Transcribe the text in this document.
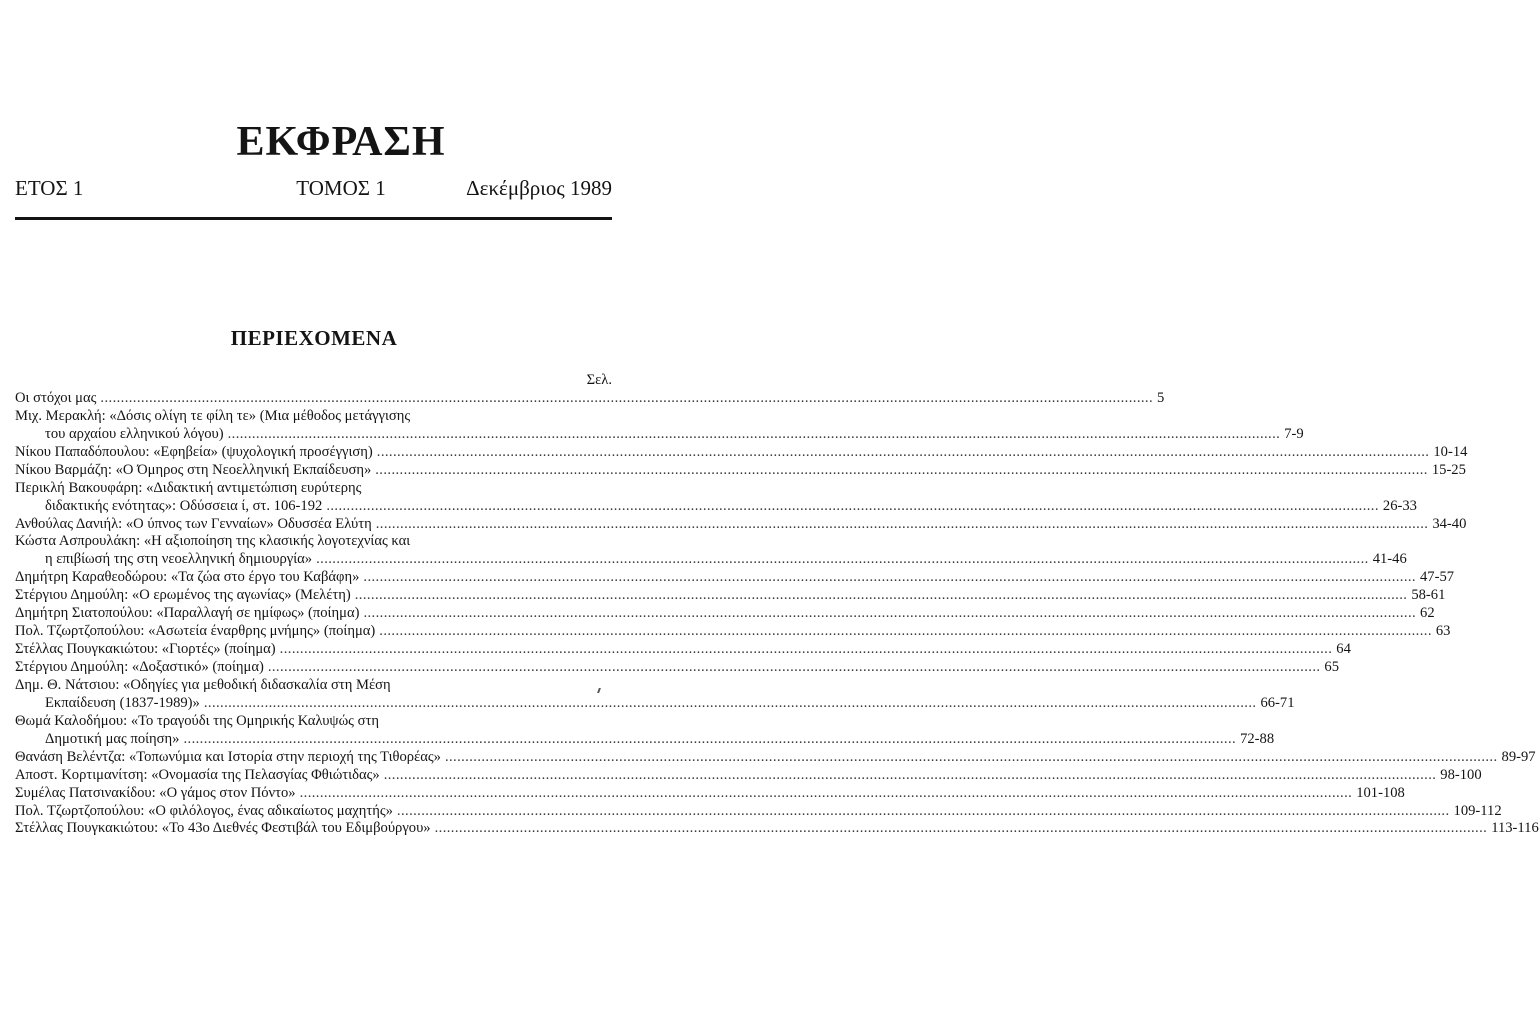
ΕΚΦΡΑΣΗ
ΕΤΟΣ 1	ΤΟΜΟΣ 1	Δεκέμβριος 1989
ΠΕΡΙΕΧΟΜΕΝΑ
Σελ.
Οι στόχοι μας .................................................................................................................................................................................................................................................................... 5
Μιχ. Μερακλή: «Δόσις ολίγη τε φίλη τε» (Μια μέθοδος μετάγγισης
του αρχαίου ελληνικού λόγου) .................................................................................................................................................................................................................................................................... 7-9
Νίκου Παπαδόπουλου: «Εφηβεία» (ψυχολογική προσέγγιση) .................................................................................................................................................................................................................................................................... 10-14
Νίκου Βαρμάζη: «Ο Όμηρος στη Νεοελληνική Εκπαίδευση» .................................................................................................................................................................................................................................................................... 15-25
Περικλή Βακουφάρη: «Διδακτική αντιμετώπιση ευρύτερης
διδακτικής ενότητας»: Οδύσσεια ί, στ. 106-192 .................................................................................................................................................................................................................................................................... 26-33
Ανθούλας Δανιήλ: «Ο ύπνος των Γενναίων» Οδυσσέα Ελύτη .................................................................................................................................................................................................................................................................... 34-40
Κώστα Ασπρουλάκη: «Η αξιοποίηση της κλασικής λογοτεχνίας και
η επιβίωσή της στη νεοελληνική δημιουργία» .................................................................................................................................................................................................................................................................... 41-46
Δημήτρη Καραθεοδώρου: «Τα ζώα στο έργο του Καβάφη» .................................................................................................................................................................................................................................................................... 47-57
Στέργιου Δημούλη: «Ο ερωμένος της αγωνίας» (Μελέτη) .................................................................................................................................................................................................................................................................... 58-61
Δημήτρη Σιατοπούλου: «Παραλλαγή σε ημίφως» (ποίημα) .................................................................................................................................................................................................................................................................... 62
Πολ. Τζωρτζοπούλου: «Ασωτεία έναρθρης μνήμης» (ποίημα) .................................................................................................................................................................................................................................................................... 63
Στέλλας Πουγκακιώτου: «Γιορτές» (ποίημα) .................................................................................................................................................................................................................................................................... 64
Στέργιου Δημούλη: «Δοξαστικό» (ποίημα) .................................................................................................................................................................................................................................................................... 65
Δημ. Θ. Νάτσιου: «Οδηγίες για μεθοδική διδασκαλία στη Μέση
Εκπαίδευση (1837-1989)» .................................................................................................................................................................................................................................................................... 66-71
Θωμά Καλοδήμου: «Το τραγούδι της Ομηρικής Καλυψώς στη
Δημοτική μας ποίηση» .................................................................................................................................................................................................................................................................... 72-88
Θανάση Βελέντζα: «Τοπωνύμια και Ιστορία στην περιοχή της Τιθορέας» .................................................................................................................................................................................................................................................................... 89-97
Αποστ. Κορτιμανίτση: «Ονομασία της Πελασγίας Φθιώτιδας» .................................................................................................................................................................................................................................................................... 98-100
Συμέλας Πατσινακίδου: «Ο γάμος στον Πόντο» .................................................................................................................................................................................................................................................................... 101-108
Πολ. Τζωρτζοπούλου: «Ο φιλόλογος, ένας αδικαίωτος μαχητής» .................................................................................................................................................................................................................................................................... 109-112
Στέλλας Πουγκακιώτου: «Το 43ο Διεθνές Φεστιβάλ του Εδιμβούργου» .................................................................................................................................................................................................................................................................... 113-116
